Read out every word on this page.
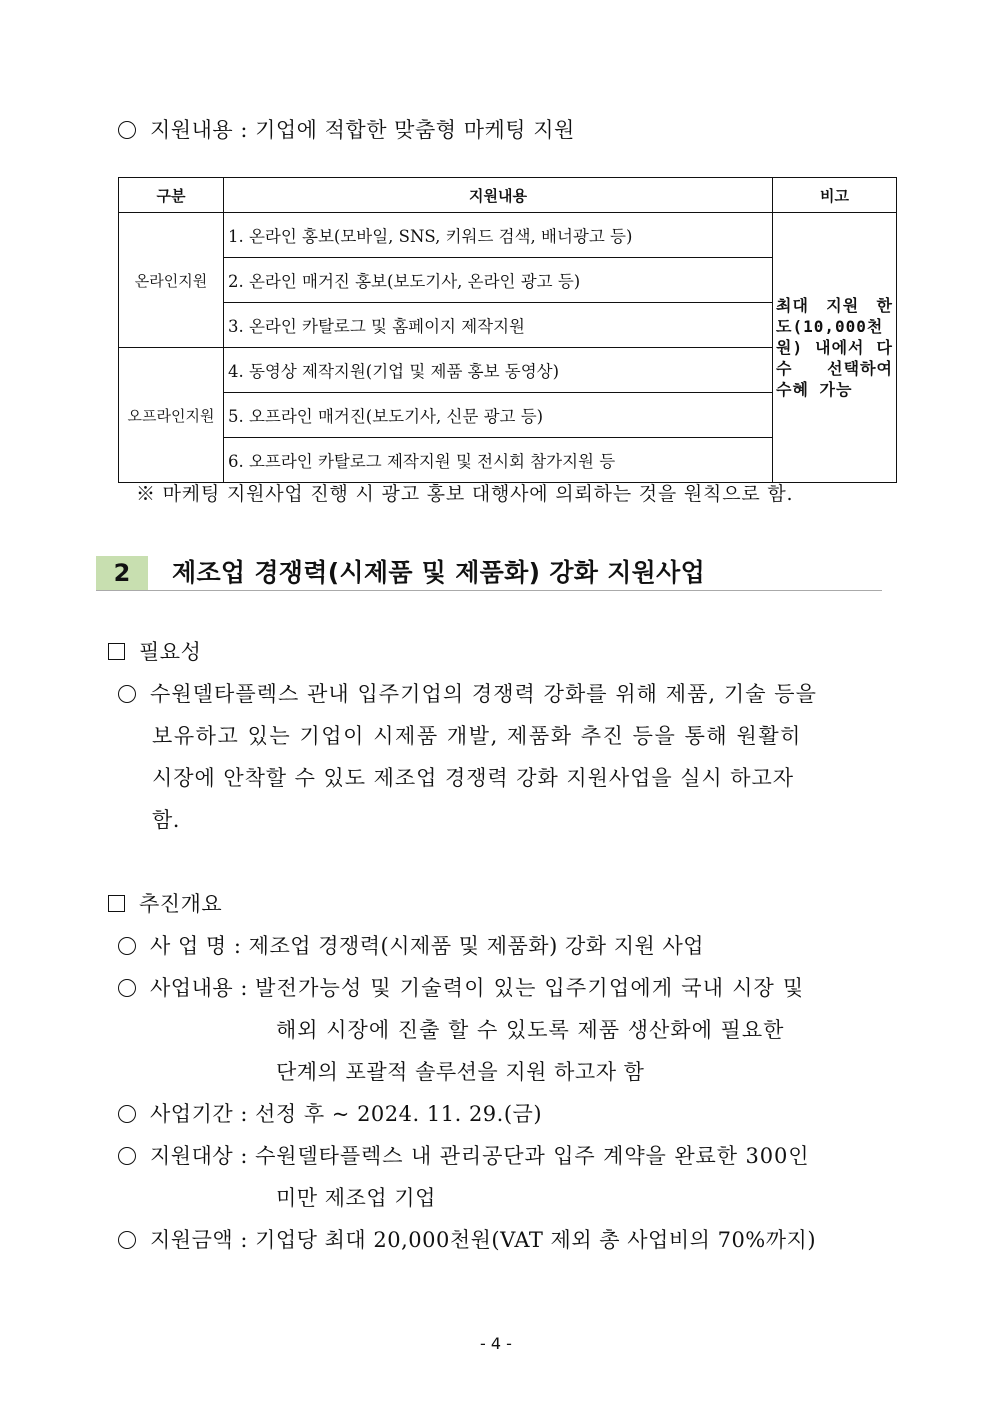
지원내용 : 기업에 적합한 맞춤형 마케팅 지원
구분	지원내용	비고
온라인지원	1. 온라인 홍보(모바일, SNS, 키워드 검색, 배너광고 등)	최대 지원 한도(10,000천원) 내에서 다수 선택하여 수혜 가능
	2. 온라인 매거진 홍보(보도기사, 온라인 광고 등)	
	3. 온라인 카탈로그 및 홈페이지 제작지원	
오프라인지원	4. 동영상 제작지원(기업 및 제품 홍보 동영상)	
	5. 오프라인 매거진(보도기사, 신문 광고 등)	
	6. 오프라인 카탈로그 제작지원 및 전시회 참가지원 등	
※ 마케팅 지원사업 진행 시 광고 홍보 대행사에 의뢰하는 것을 원칙으로 함.
2	제조업 경쟁력(시제품 및 제품화) 강화 지원사업
필요성
수원델타플렉스 관내 입주기업의 경쟁력 강화를 위해 제품, 기술 등을
보유하고 있는 기업이 시제품 개발, 제품화 추진 등을 통해 원활히
시장에 안착할 수 있도 제조업 경쟁력 강화 지원사업을 실시 하고자
함.
추진개요
사 업 명 : 제조업 경쟁력(시제품 및 제품화) 강화 지원 사업
사업내용 : 발전가능성 및 기술력이 있는 입주기업에게 국내 시장 및
해외 시장에 진출 할 수 있도록 제품 생산화에 필요한
단계의 포괄적 솔루션을 지원 하고자 함
사업기간 : 선정 후 ~ 2024. 11. 29.(금)
지원대상 : 수원델타플렉스 내 관리공단과 입주 계약을 완료한 300인
미만 제조업 기업
지원금액 : 기업당 최대 20,000천원(VAT 제외 총 사업비의 70%까지)
- 4 -
